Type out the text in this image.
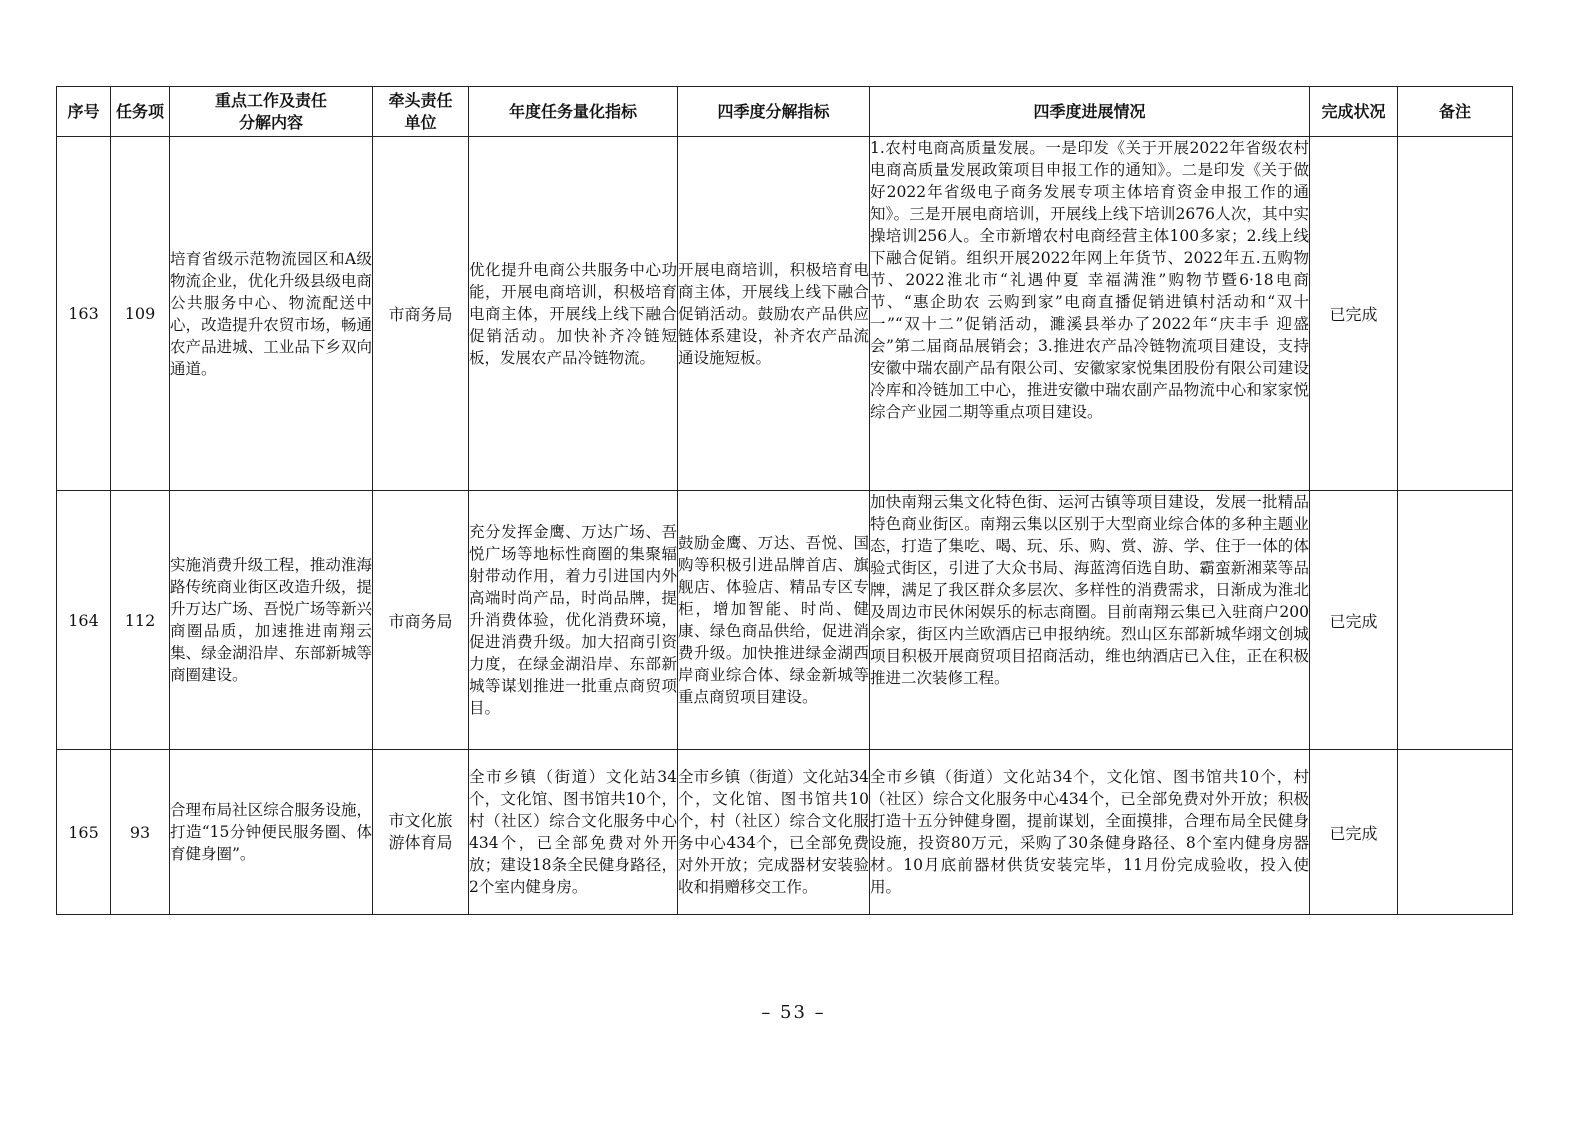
序号	任务项	重点工作及责任分解内容	牵头责任单位	年度任务量化指标	四季度分解指标	四季度进展情况	完成状况	备注
163	109	培育省级示范物流园区和A级物流企业，优化升级县级电商公共服务中心、物流配送中心，改造提升农贸市场，畅通农产品进城、工业品下乡双向通道。	市商务局	优化提升电商公共服务中心功能，开展电商培训，积极培育电商主体，开展线上线下融合促销活动。加快补齐冷链短板，发展农产品冷链物流。	开展电商培训，积极培育电商主体，开展线上线下融合促销活动。鼓励农产品供应链体系建设，补齐农产品流通设施短板。	1.农村电商高质量发展。一是印发《关于开展2022年省级农村电商高质量发展政策项目申报工作的通知》。二是印发《关于做好2022年省级电子商务发展专项主体培育资金申报工作的通知》。三是开展电商培训，开展线上线下培训2676人次，其中实操培训256人。全市新增农村电商经营主体100多家；2.线上线下融合促销。组织开展2022年网上年货节、2022年五.五购物节、2022淮北市“礼遇仲夏 幸福满淮”购物节暨6·18电商节、“惠企助农 云购到家”电商直播促销进镇村活动和“双十一”“双十二”促销活动，濉溪县举办了2022年“庆丰手 迎盛会”第二届商品展销会；3.推进农产品冷链物流项目建设，支持安徽中瑞农副产品有限公司、安徽家家悦集团股份有限公司建设冷库和冷链加工中心，推进安徽中瑞农副产品物流中心和家家悦综合产业园二期等重点项目建设。	已完成	
164	112	实施消费升级工程，推动淮海路传统商业街区改造升级，提升万达广场、吾悦广场等新兴商圈品质，加速推进南翔云集、绿金湖沿岸、东部新城等商圈建设。	市商务局	充分发挥金鹰、万达广场、吾悦广场等地标性商圈的集聚辐射带动作用，着力引进国内外高端时尚产品，时尚品牌，提升消费体验，优化消费环境，促进消费升级。加大招商引资力度，在绿金湖沿岸、东部新城等谋划推进一批重点商贸项目。	鼓励金鹰、万达、吾悦、国购等积极引进品牌首店、旗舰店、体验店、精品专区专柜，增加智能、时尚、健康、绿色商品供给，促进消费升级。加快推进绿金湖西岸商业综合体、绿金新城等重点商贸项目建设。	加快南翔云集文化特色街、运河古镇等项目建设，发展一批精品特色商业街区。南翔云集以区别于大型商业综合体的多种主题业态，打造了集吃、喝、玩、乐、购、赏、游、学、住于一体的体验式街区，引进了大众书局、海蓝湾佰选自助、霸蛮新湘菜等品牌，满足了我区群众多层次、多样性的消费需求，日渐成为淮北及周边市民休闲娱乐的标志商圈。目前南翔云集已入驻商户200余家，街区内兰欧酒店已申报纳统。烈山区东部新城华翊文创城项目积极开展商贸项目招商活动，维也纳酒店已入住，正在积极推进二次装修工程。	已完成	
165	93	合理布局社区综合服务设施，打造“15分钟便民服务圈、体育健身圈”。	市文化旅游体育局	全市乡镇（街道）文化站34个，文化馆、图书馆共10个，村（社区）综合文化服务中心434个，已全部免费对外开放；建设18条全民健身路径，2个室内健身房。	全市乡镇（街道）文化站34个，文化馆、图书馆共10个，村（社区）综合文化服务中心434个，已全部免费对外开放；完成器材安装验收和捐赠移交工作。	全市乡镇（街道）文化站34个，文化馆、图书馆共10个，村（社区）综合文化服务中心434个，已全部免费对外开放；积极打造十五分钟健身圈，提前谋划，全面摸排，合理布局全民健身设施，投资80万元，采购了30条健身路径、8个室内健身房器材。10月底前器材供货安装完毕，11月份完成验收，投入使用。	已完成	
– 53 –
